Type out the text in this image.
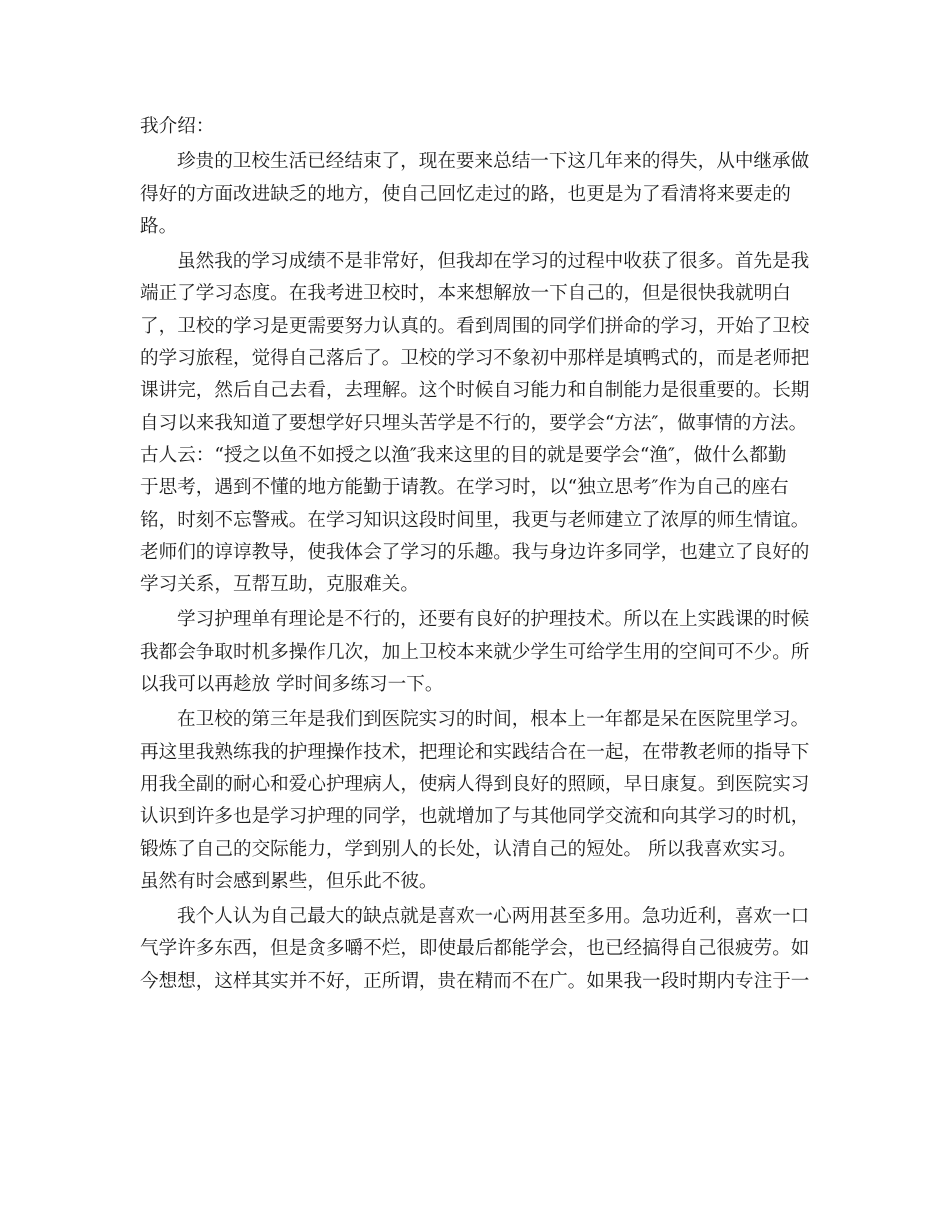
我介绍：
珍贵的卫校生活已经结束了，现在要来总结一下这几年来的得失，从中继承做
得好的方面改进缺乏的地方，使自己回忆走过的路，也更是为了看清将来要走的
路。
虽然我的学习成绩不是非常好，但我却在学习的过程中收获了很多。首先是我
端正了学习态度。在我考进卫校时，本来想解放一下自己的，但是很快我就明白
了，卫校的学习是更需要努力认真的。看到周围的同学们拼命的学习，开始了卫校
的学习旅程，觉得自己落后了。卫校的学习不象初中那样是填鸭式的，而是老师把
课讲完，然后自己去看，去理解。这个时候自习能力和自制能力是很重要的。长期
自习以来我知道了要想学好只埋头苦学是不行的，要学会“方法″，做事情的方法。
古人云：“授之以鱼不如授之以渔″我来这里的目的就是要学会“渔″，做什么都勤
于思考，遇到不懂的地方能勤于请教。在学习时，以“独立思考″作为自己的座右
铭，时刻不忘警戒。在学习知识这段时间里，我更与老师建立了浓厚的师生情谊。
老师们的谆谆教导，使我体会了学习的乐趣。我与身边许多同学，也建立了良好的
学习关系，互帮互助，克服难关。
学习护理单有理论是不行的，还要有良好的护理技术。所以在上实践课的时候
我都会争取时机多操作几次，加上卫校本来就少学生可给学生用的空间可不少。所
以我可以再趁放 学时间多练习一下。
在卫校的第三年是我们到医院实习的时间，根本上一年都是呆在医院里学习。
再这里我熟练我的护理操作技术，把理论和实践结合在一起，在带教老师的指导下
用我全副的耐心和爱心护理病人，使病人得到良好的照顾，早日康复。到医院实习
认识到许多也是学习护理的同学，也就增加了与其他同学交流和向其学习的时机，
锻炼了自己的交际能力，学到别人的长处，认清自己的短处。 所以我喜欢实习。
虽然有时会感到累些，但乐此不彼。
我个人认为自己最大的缺点就是喜欢一心两用甚至多用。急功近利，喜欢一口
气学许多东西，但是贪多嚼不烂，即使最后都能学会，也已经搞得自己很疲劳。如
今想想，这样其实并不好，正所谓，贵在精而不在广。如果我一段时期内专注于一
